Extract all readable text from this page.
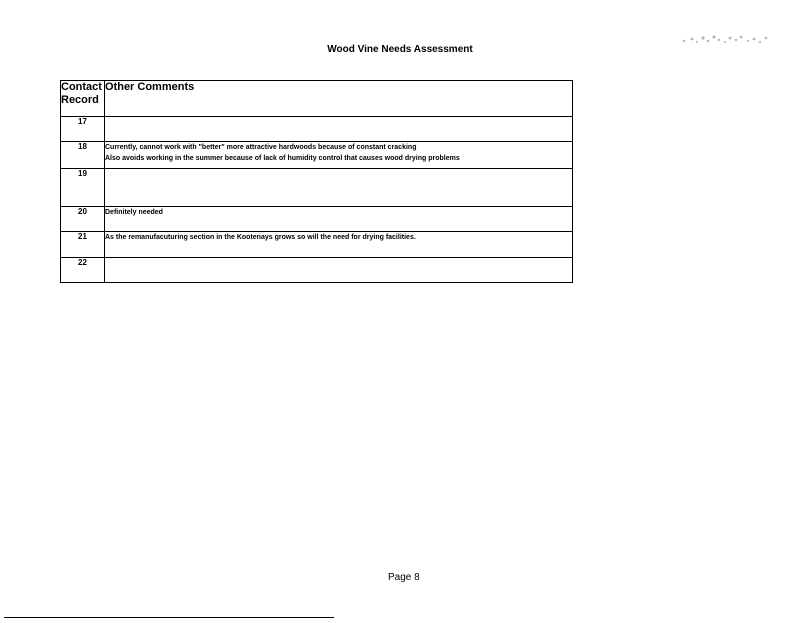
Wood Vine Needs Assessment
Contact
Record	Other Comments
17	
18	Currently, cannot work with "better" more attractive hardwoods because of constant cracking
Also avoids working in the summer because of lack of humidity control that causes wood drying problems

19	
20	Definitely needed

21	As the remanufacuturing section in the Kootenays grows so will the need for drying facilities.

22	
Page 8
